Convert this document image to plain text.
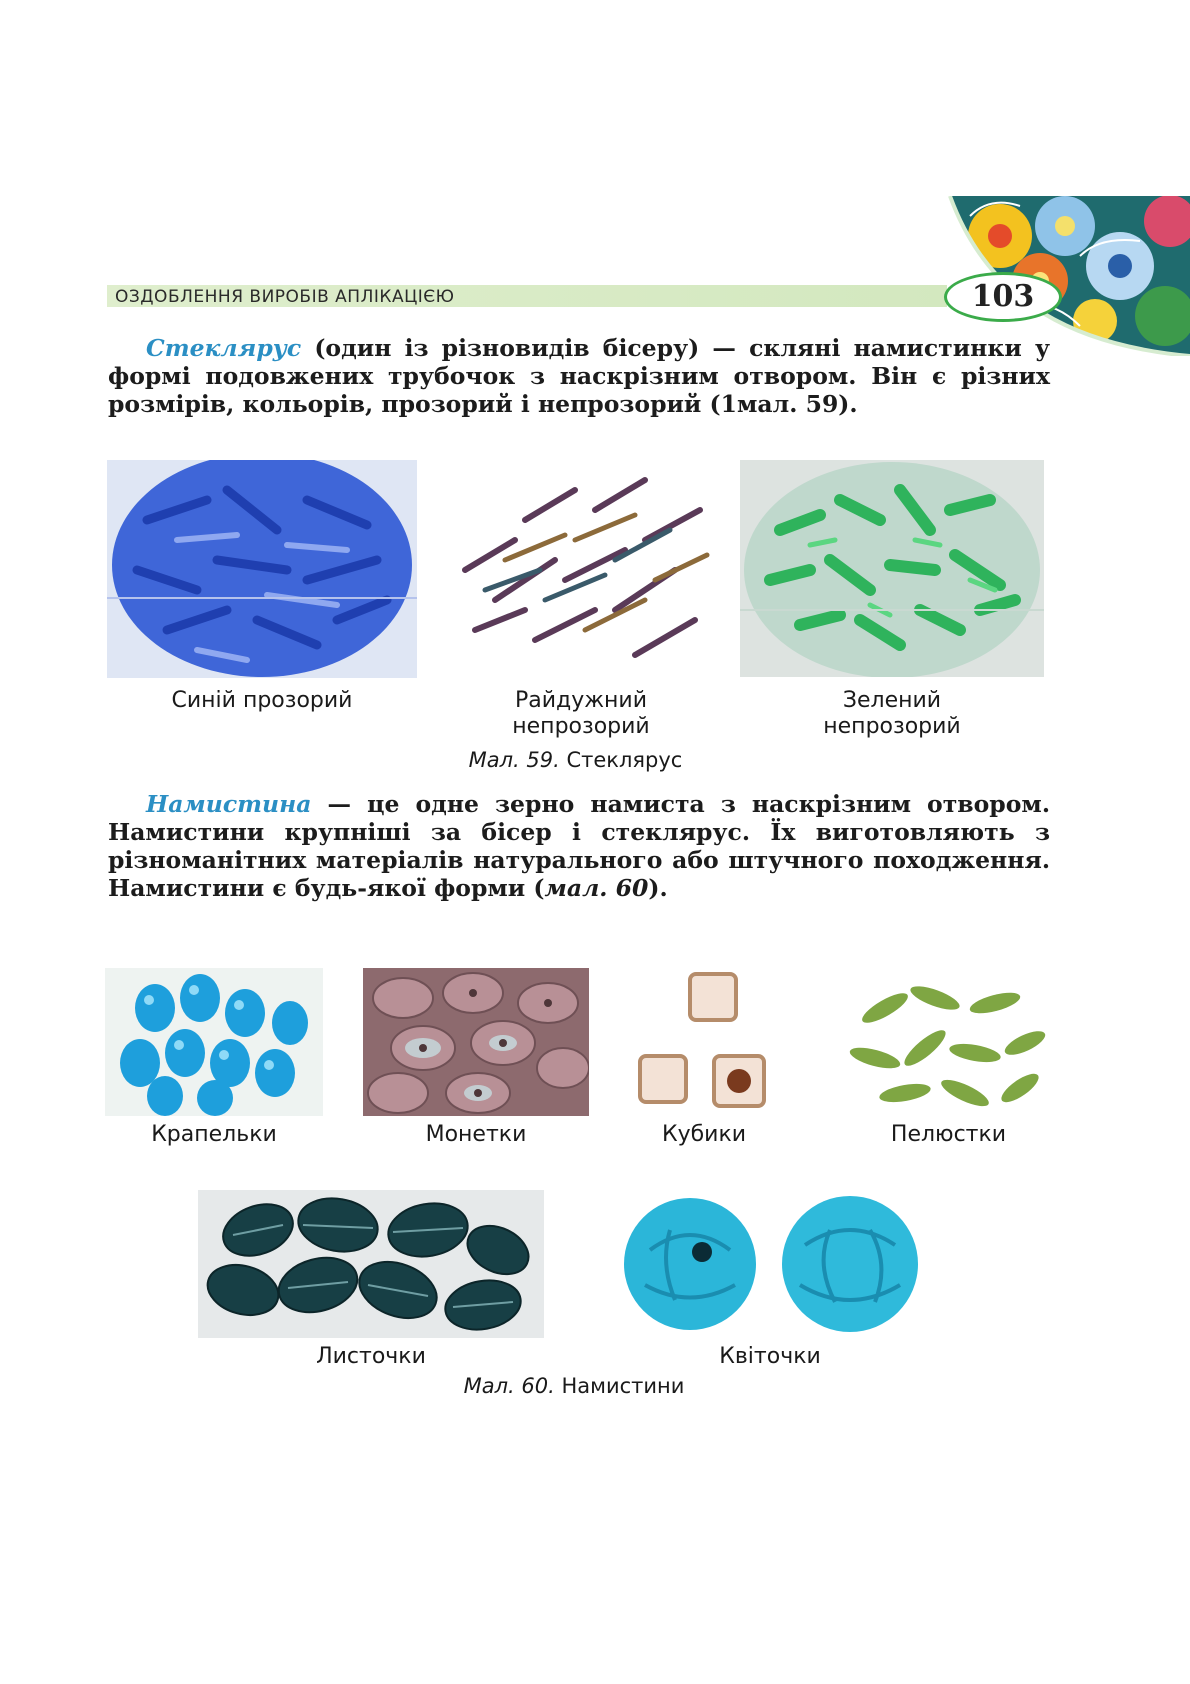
ОЗДОБЛЕННЯ ВИРОБІВ АПЛІКАЦІЄЮ	103

Стеклярус (один із різновидів бісеру) — скляні намистинки у формі подовжених трубочок з наскрізним отвором. Він є різних розмірів, кольорів, прозорий і непрозорий (1мал. 59).

Синій прозорий	Райдужний
непрозорий
Зелений
непрозорий
Мал. 59. Стеклярус

Намистина — це одне зерно намиста з наскрізним отвором. Намистини крупніші за бісер і стеклярус. Їх виготовляють з різноманітних матеріалів натурального або штучного походження. Намистини є будь-якої форми (мал. 60).

Крапельки	Монетки	Кубики	Пелюстки
Листочки	Квіточки
Мал. 60. Намистини
